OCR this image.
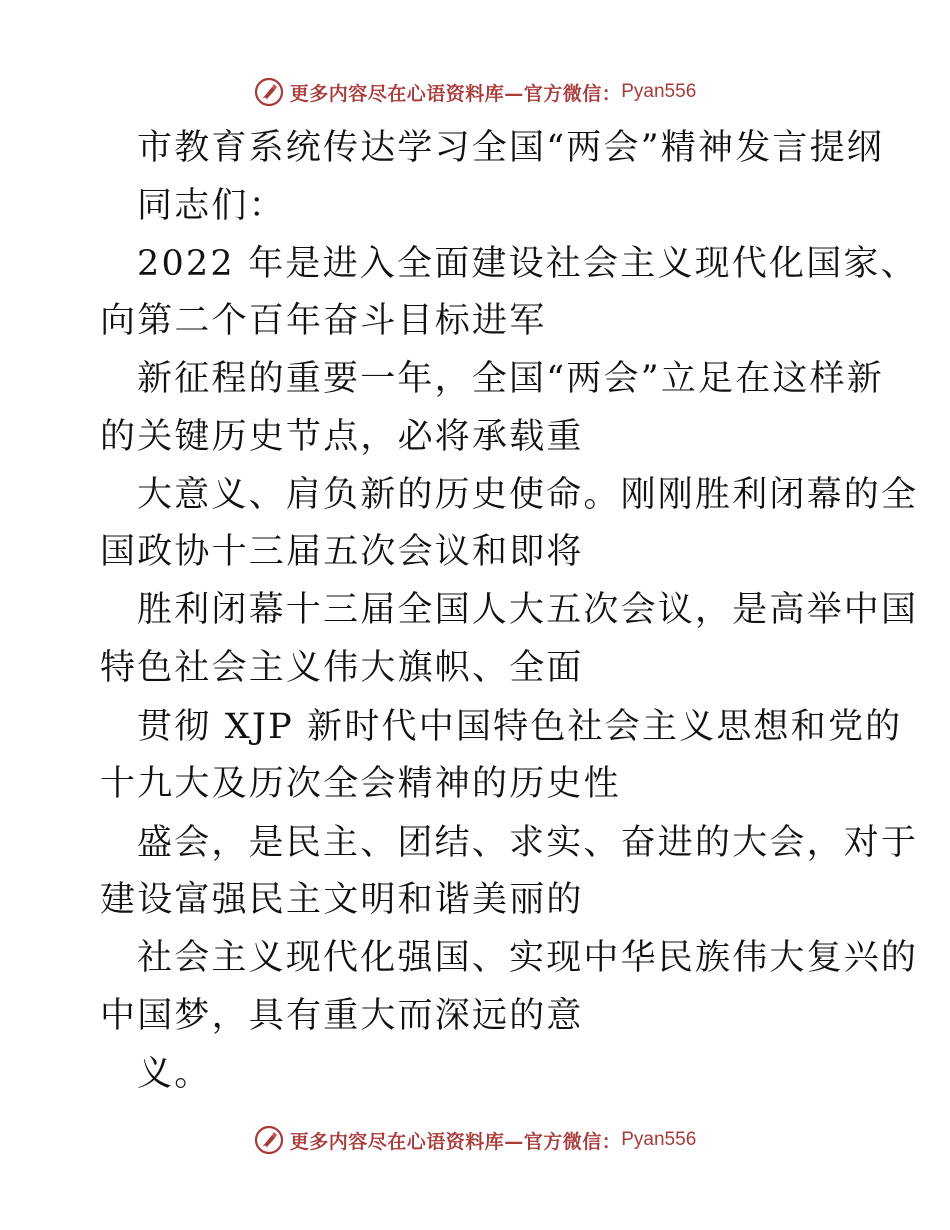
更多内容尽在心语资料库—官方微信： Pyan556
市教育系统传达学习全国“两会”精神发言提纲
同志们：
2022 年是进入全面建设社会主义现代化国家、
向第二个百年奋斗目标进军
新征程的重要一年，全国“两会”立足在这样新
的关键历史节点，必将承载重
大意义、肩负新的历史使命。刚刚胜利闭幕的全
国政协十三届五次会议和即将
胜利闭幕十三届全国人大五次会议，是高举中国
特色社会主义伟大旗帜、全面
贯彻 XJP 新时代中国特色社会主义思想和党的
十九大及历次全会精神的历史性
盛会，是民主、团结、求实、奋进的大会，对于
建设富强民主文明和谐美丽的
社会主义现代化强国、实现中华民族伟大复兴的
中国梦，具有重大而深远的意
义。
更多内容尽在心语资料库—官方微信： Pyan556
